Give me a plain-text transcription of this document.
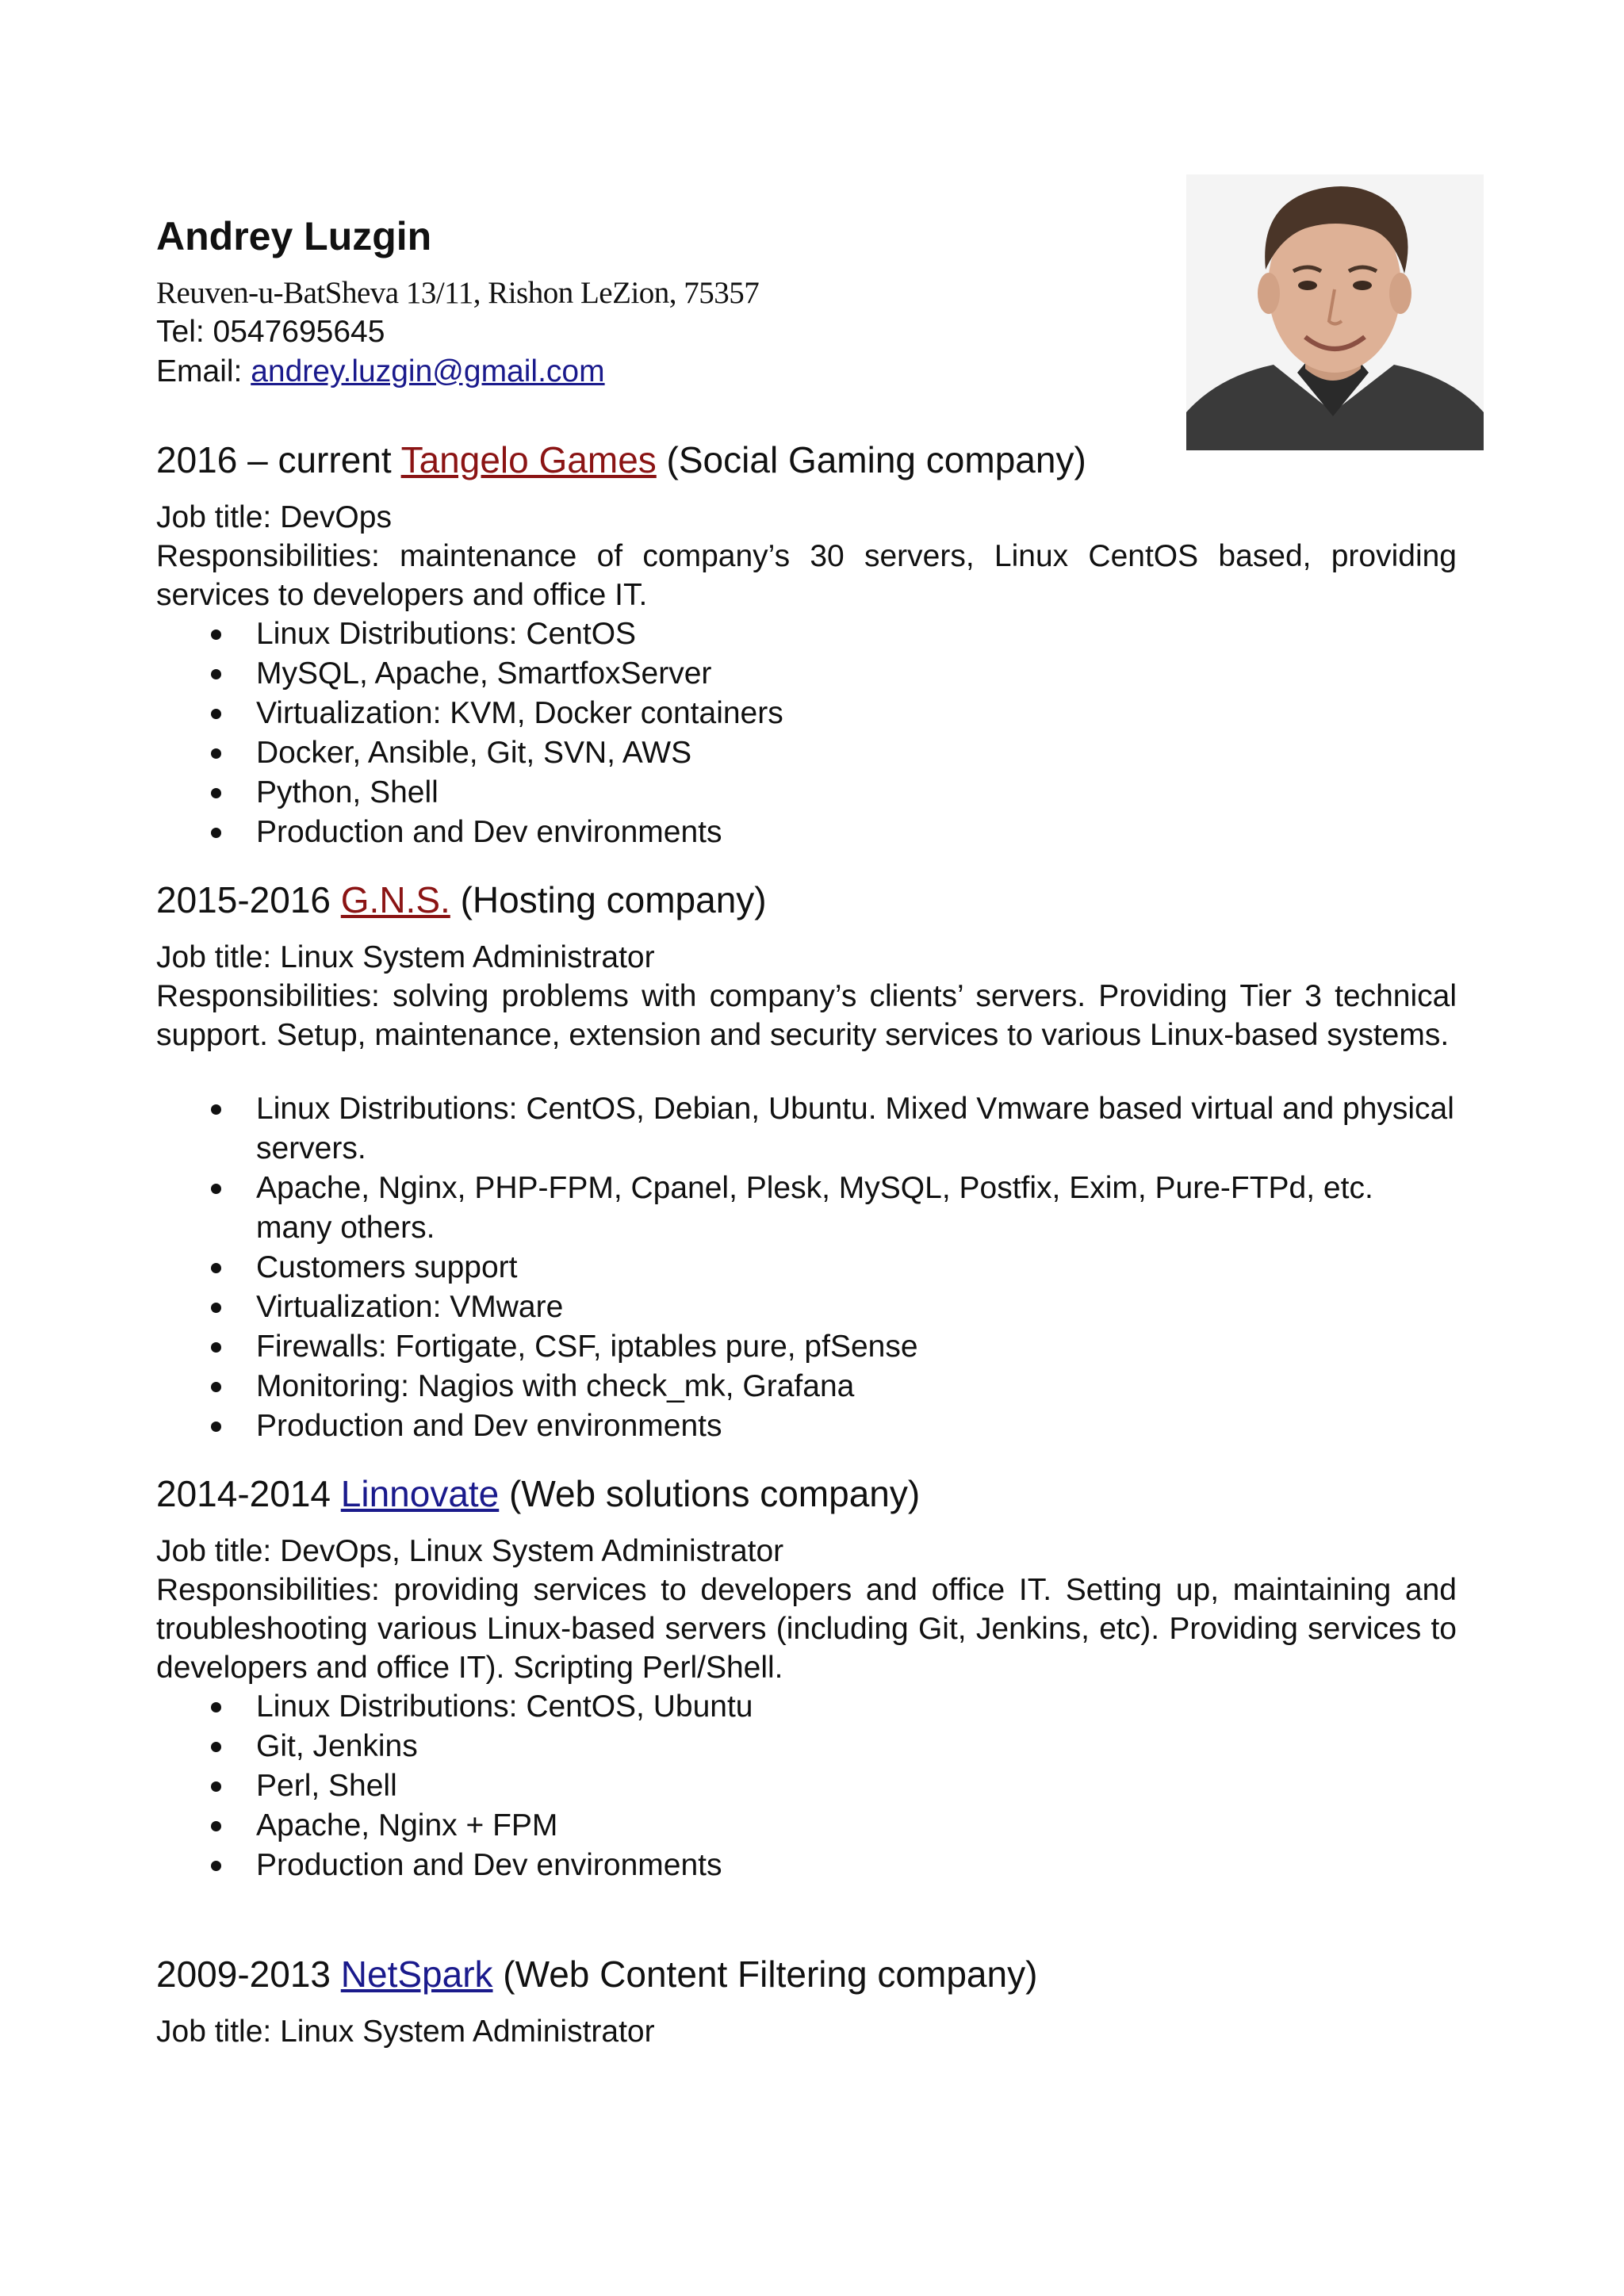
Andrey Luzgin
Reuven-u-BatSheva 13/11, Rishon LeZion, 75357
Tel: 0547695645
Email: andrey.luzgin@gmail.com
2016 – current Tangelo Games (Social Gaming company)
Job title: DevOps
Responsibilities: maintenance of company’s 30 servers, Linux CentOS based, providing services to developers and office IT.
Linux Distributions: CentOS
MySQL, Apache, SmartfoxServer
Virtualization: KVM, Docker containers
Docker, Ansible, Git, SVN, AWS
Python, Shell
Production and Dev environments
2015-2016 G.N.S. (Hosting company)
Job title: Linux System Administrator
Responsibilities: solving problems with company’s clients’ servers. Providing Tier 3 technical support. Setup, maintenance, extension and security services to various Linux-based systems.
Linux Distributions: CentOS, Debian, Ubuntu. Mixed Vmware based virtual and physical servers.
Apache, Nginx, PHP-FPM, Cpanel, Plesk, MySQL, Postfix, Exim, Pure-FTPd, etc. many others.
Customers support
Virtualization: VMware
Firewalls: Fortigate, CSF, iptables pure, pfSense
Monitoring: Nagios with check_mk, Grafana
Production and Dev environments
2014-2014 Linnovate (Web solutions company)
Job title: DevOps, Linux System Administrator
Responsibilities: providing services to developers and office IT. Setting up, maintaining and troubleshooting various Linux-based servers (including Git, Jenkins, etc). Providing services to developers and office IT). Scripting Perl/Shell.
Linux Distributions: CentOS, Ubuntu
Git, Jenkins
Perl, Shell
Apache, Nginx + FPM
Production and Dev environments
2009-2013 NetSpark (Web Content Filtering company)
Job title: Linux System Administrator
